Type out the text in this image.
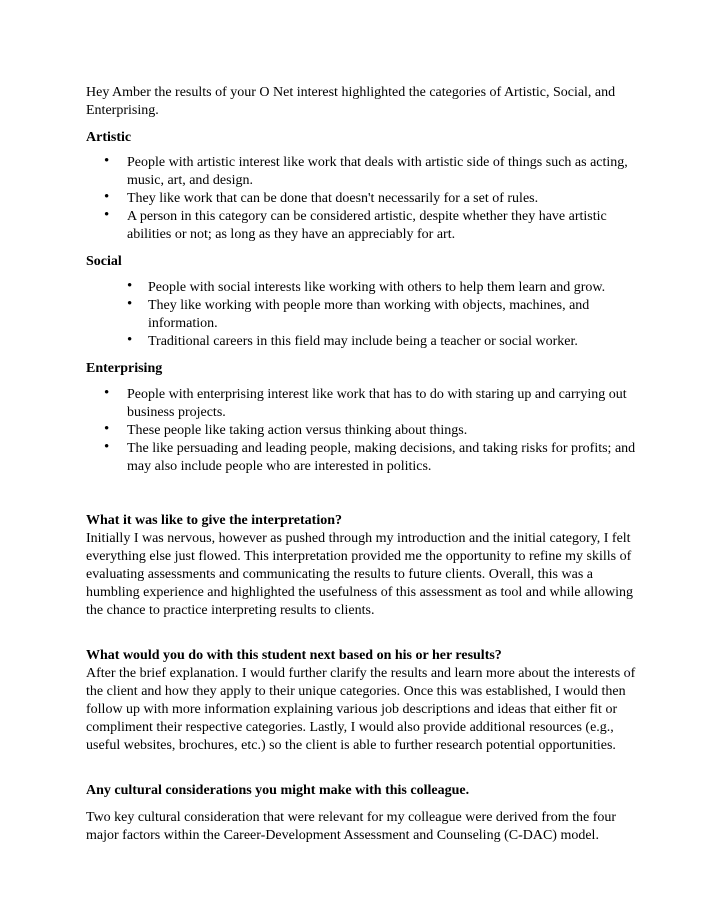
Hey Amber the results of your O Net interest highlighted the categories of Artistic, Social, and Enterprising.

Artistic
• People with artistic interest like work that deals with artistic side of things such as acting, music, art, and design.
• They like work that can be done that doesn't necessarily for a set of rules.
• A person in this category can be considered artistic, despite whether they have artistic abilities or not; as long as they have an appreciably for art.
Social
• People with social interests like working with others to help them learn and grow.
• They like working with people more than working with objects, machines, and information.
• Traditional careers in this field may include being a teacher or social worker.
Enterprising
• People with enterprising interest like work that has to do with staring up and carrying out business projects.
• These people like taking action versus thinking about things.
• The like persuading and leading people, making decisions, and taking risks for profits; and may also include people who are interested in politics.
What it was like to give the interpretation?

Initially I was nervous, however as pushed through my introduction and the initial category, I felt everything else just flowed. This interpretation provided me the opportunity to refine my skills of evaluating assessments and communicating the results to future clients. Overall, this was a humbling experience and highlighted the usefulness of this assessment as tool and while allowing the chance to practice interpreting results to clients.

What would you do with this student next based on his or her results?

After the brief explanation. I would further clarify the results and learn more about the interests of the client and how they apply to their unique categories. Once this was established, I would then follow up with more information explaining various job descriptions and ideas that either fit or compliment their respective categories. Lastly, I would also provide additional resources (e.g., useful websites, brochures, etc.) so the client is able to further research potential opportunities.

Any cultural considerations you might make with this colleague.

Two key cultural consideration that were relevant for my colleague were derived from the four major factors within the Career-Development Assessment and Counseling (C-DAC) model.
